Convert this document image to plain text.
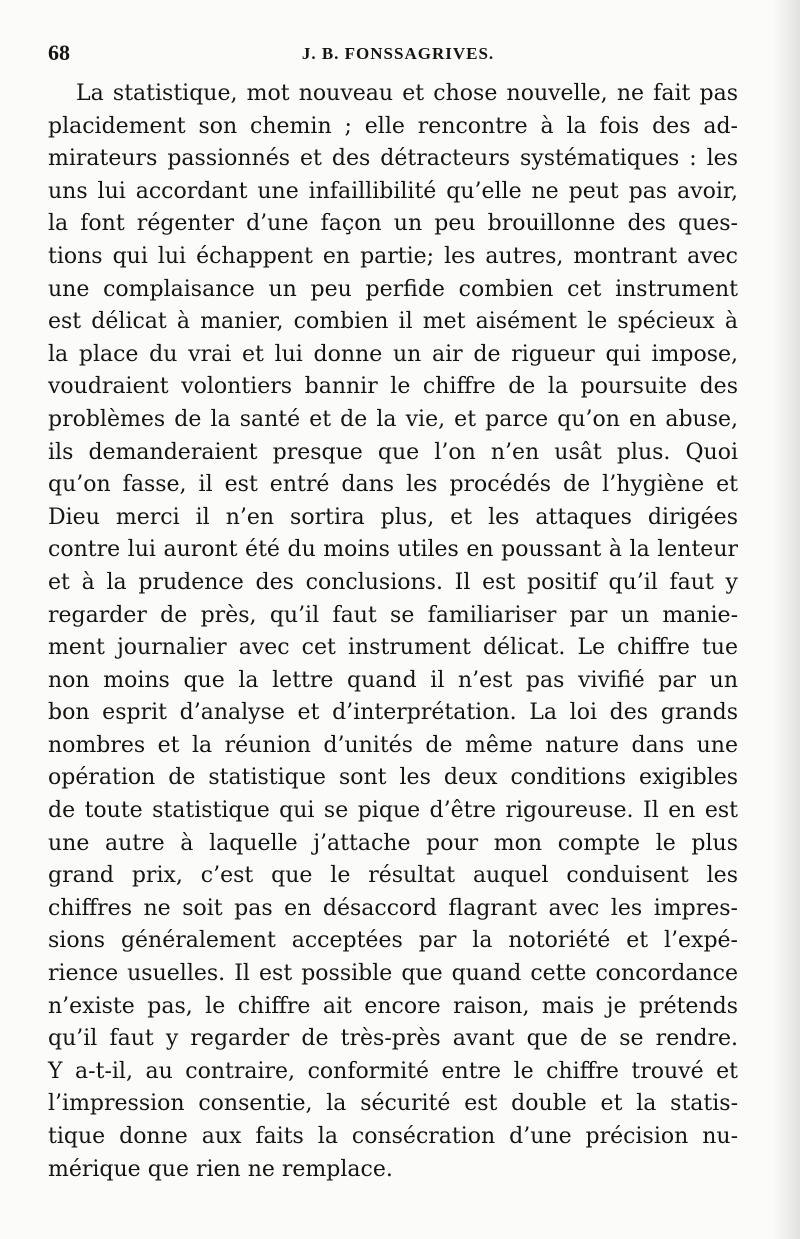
68	J. B. FONSSAGRIVES.
La statistique, mot nouveau et chose nouvelle, ne fait pas
placidement son chemin ; elle rencontre à la fois des ad-
mirateurs passionnés et des détracteurs systématiques : les
uns lui accordant une infaillibilité qu’elle ne peut pas avoir,
la font régenter d’une façon un peu brouillonne des ques-
tions qui lui échappent en partie; les autres, montrant avec
une complaisance un peu perfide combien cet instrument
est délicat à manier, combien il met aisément le spécieux à
la place du vrai et lui donne un air de rigueur qui impose,
voudraient volontiers bannir le chiffre de la poursuite des
problèmes de la santé et de la vie, et parce qu’on en abuse,
ils demanderaient presque que l’on n’en usât plus. Quoi
qu’on fasse, il est entré dans les procédés de l’hygiène et
Dieu merci il n’en sortira plus, et les attaques dirigées
contre lui auront été du moins utiles en poussant à la lenteur
et à la prudence des conclusions. Il est positif qu’il faut y
regarder de près, qu’il faut se familiariser par un manie-
ment journalier avec cet instrument délicat. Le chiffre tue
non moins que la lettre quand il n’est pas vivifié par un
bon esprit d’analyse et d’interprétation. La loi des grands
nombres et la réunion d’unités de même nature dans une
opération de statistique sont les deux conditions exigibles
de toute statistique qui se pique d’être rigoureuse. Il en est
une autre à laquelle j’attache pour mon compte le plus
grand prix, c’est que le résultat auquel conduisent les
chiffres ne soit pas en désaccord flagrant avec les impres-
sions généralement acceptées par la notoriété et l’expé-
rience usuelles. Il est possible que quand cette concordance
n’existe pas, le chiffre ait encore raison, mais je prétends
qu’il faut y regarder de très-près avant que de se rendre.
Y a-t-il, au contraire, conformité entre le chiffre trouvé et
l’impression consentie, la sécurité est double et la statis-
tique donne aux faits la consécration d’une précision nu-
mérique que rien ne remplace.
